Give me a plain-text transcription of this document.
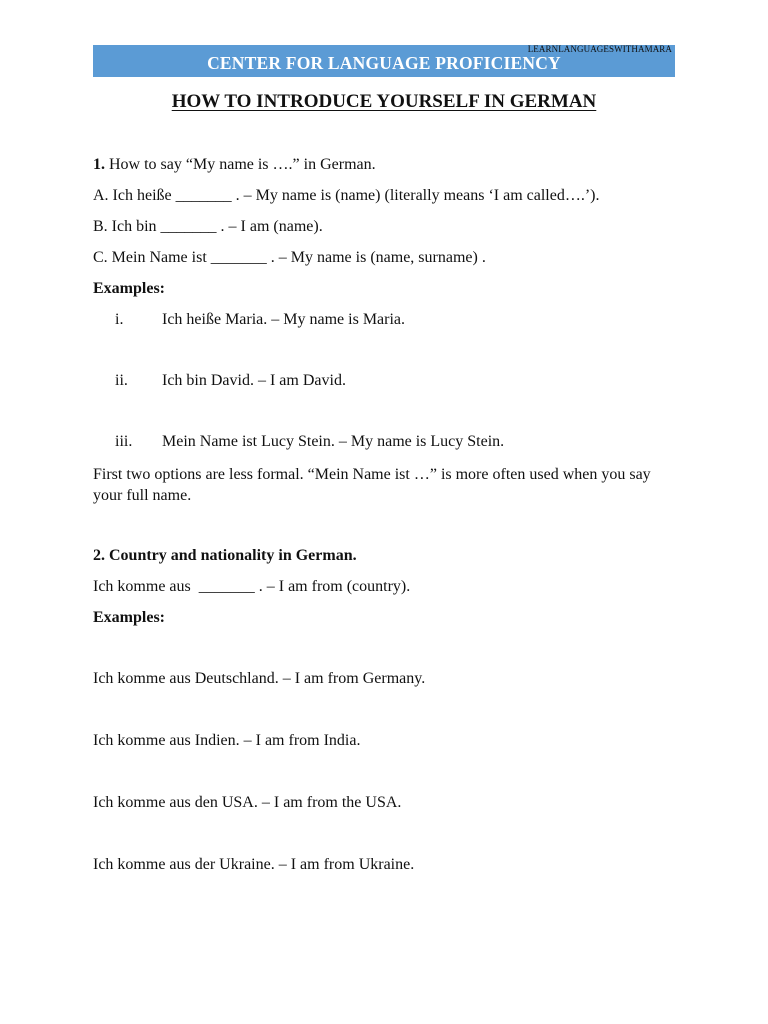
LEARNLANGUAGESWITHAMARA
CENTER FOR LANGUAGE PROFICIENCY
HOW TO INTRODUCE YOURSELF IN GERMAN
1. How to say “My name is ….” in German.
A. Ich heiße _______ . – My name is (name) (literally means ‘I am called….’).
B. Ich bin _______ . – I am (name).
C. Mein Name ist _______ . – My name is (name, surname) .
Examples:
i.	Ich heiße Maria. – My name is Maria.
ii.	Ich bin David. – I am David.
iii.	Mein Name ist Lucy Stein. – My name is Lucy Stein.
First two options are less formal. “Mein Name ist …” is more often used when you say your full name.
2. Country and nationality in German.
Ich komme aus  _______ . – I am from (country).
Examples:
Ich komme aus Deutschland. – I am from Germany.
Ich komme aus Indien. – I am from India.
Ich komme aus den USA. – I am from the USA.
Ich komme aus der Ukraine. – I am from Ukraine.
